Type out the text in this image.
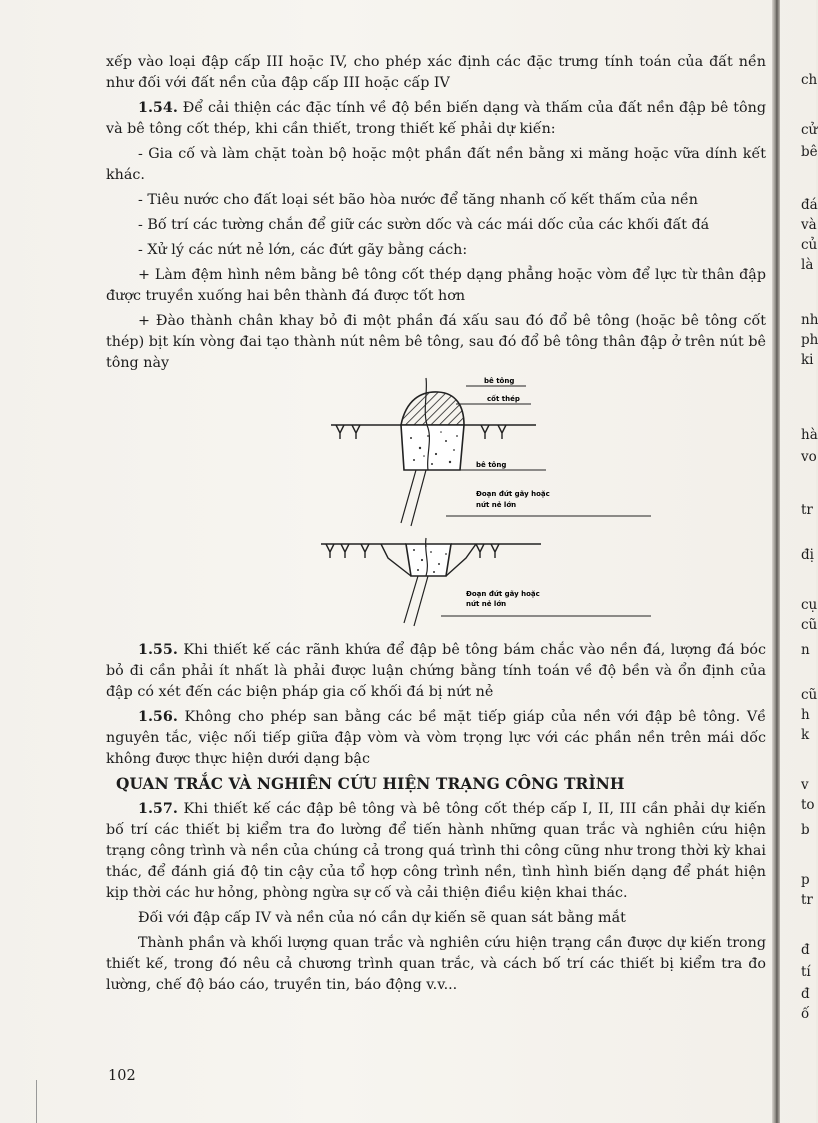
xếp vào loại đập cấp III hoặc IV, cho phép xác định các đặc trưng tính toán của đất nền như đối với đất nền của đập cấp III hoặc cấp IV

1.54. Để cải thiện các đặc tính về độ bền biến dạng và thấm của đất nền đập bê tông và bê tông cốt thép, khi cần thiết, trong thiết kế phải dự kiến:

- Gia cố và làm chặt toàn bộ hoặc một phần đất nền bằng xi măng hoặc vữa dính kết khác.

- Tiêu nước cho đất loại sét bão hòa nước để tăng nhanh cố kết thấm của nền

- Bố trí các tường chắn để giữ các sườn dốc và các mái dốc của các khối đất đá

- Xử lý các nứt nẻ lớn, các đứt gãy bằng cách:

+ Làm đệm hình nêm bằng bê tông cốt thép dạng phẳng hoặc vòm để lực từ thân đập được truyền xuống hai bên thành đá được tốt hơn

+ Đào thành chân khay bỏ đi một phần đá xấu sau đó đổ bê tông (hoặc bê tông cốt thép) bịt kín vòng đai tạo thành nút nêm bê tông, sau đó đổ bê tông thân đập ở trên nút bê tông này

bê tông
cốt thép
bê tông
Đoạn đứt gãy hoặc
nứt nẻ lớn
Đoạn đứt gãy hoặc
nứt nẻ lớn

1.55. Khi thiết kế các rãnh khứa để đập bê tông bám chắc vào nền đá, lượng đá bóc bỏ đi cần phải ít nhất là phải được luận chứng bằng tính toán về độ bền và ổn định của đập có xét đến các biện pháp gia cố khối đá bị nứt nẻ

1.56. Không cho phép san bằng các bề mặt tiếp giáp của nền với đập bê tông. Về nguyên tắc, việc nối tiếp giữa đập vòm và vòm trọng lực với các phần nền trên mái dốc không được thực hiện dưới dạng bậc

QUAN TRẮC VÀ NGHIÊN CỨU HIỆN TRẠNG CÔNG TRÌNH

1.57. Khi thiết kế các đập bê tông và bê tông cốt thép cấp I, II, III cần phải dự kiến bố trí các thiết bị kiểm tra đo lường để tiến hành những quan trắc và nghiên cứu hiện trạng công trình và nền của chúng cả trong quá trình thi công cũng như trong thời kỳ khai thác, để đánh giá độ tin cậy của tổ hợp công trình nền, tình hình biến dạng để phát hiện kịp thời các hư hỏng, phòng ngừa sự cố và cải thiện điều kiện khai thác.

Đối với đập cấp IV và nền của nó cần dự kiến sẽ quan sát bằng mắt

Thành phần và khối lượng quan trắc và nghiên cứu hiện trạng cần được dự kiến trong thiết kế, trong đó nêu cả chương trình quan trắc, và cách bố trí các thiết bị kiểm tra đo lường, chế độ báo cáo, truyền tin, báo động v.v...

102
ch
cử
bê
đá
và
củ
là
nh
ph
ki
hà
vo
tr
đị
cụ
cũ
n
cũ
h
k
v
to
b
p
tr
đ
tí
đ
ố
